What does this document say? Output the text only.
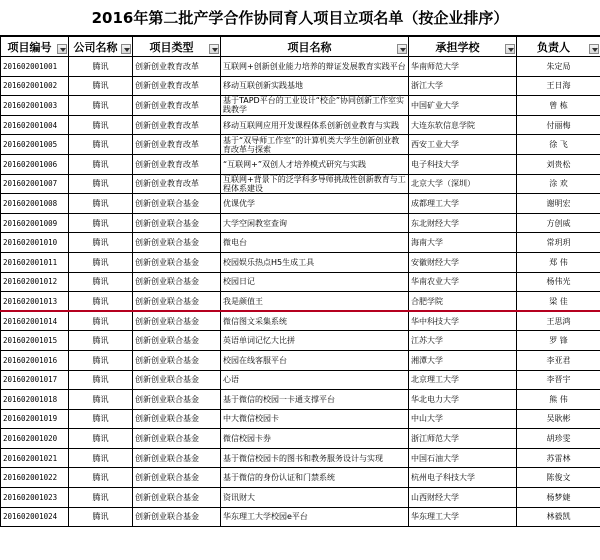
2016年第二批产学合作协同育人项目立项名单（按企业排序）
项目编号	公司名称	项目类型	项目名称	承担学校	负责人

201602001001	腾讯	创新创业教育改革	互联网+创新创业能力培养的辩证发展教育实践平台	华南师范大学	朱定局
201602001002	腾讯	创新创业教育改革	移动互联创新实践基地	浙江大学	王日海
201602001003	腾讯	创新创业教育改革	基于TAPD平台的工业设计“校企”协同创新工作室实践教学	中国矿业大学	曾 栋
201602001004	腾讯	创新创业教育改革	移动互联网应用开发课程体系创新创业教育与实践	大连东软信息学院	付丽梅
201602001005	腾讯	创新创业教育改革	基于“双导师工作室”的计算机类大学生创新创业教育改革与探索	西安工业大学	徐 飞
201602001006	腾讯	创新创业教育改革	“互联网+”双创人才培养模式研究与实践	电子科技大学	刘贵松
201602001007	腾讯	创新创业教育改革	互联网+背景下的泛学科多导师挑战性创新教育与工程体系建设	北京大学（深圳）	涂 欢
201602001008	腾讯	创新创业联合基金	优课优学	成都理工大学	谢明宏
201602001009	腾讯	创新创业联合基金	大学空闲教室查询	东北财经大学	方创威
201602001010	腾讯	创新创业联合基金	微电台	海南大学	常玥玥
201602001011	腾讯	创新创业联合基金	校园娱乐热点H5生成工具	安徽财经大学	郑 伟
201602001012	腾讯	创新创业联合基金	校园日记	华南农业大学	杨伟光
201602001013	腾讯	创新创业联合基金	我是颜值王	合肥学院	梁 佳
201602001014	腾讯	创新创业联合基金	微信图文采集系统	华中科技大学	王思鸿
201602001015	腾讯	创新创业联合基金	英语单词记忆大比拼	江苏大学	罗 锋
201602001016	腾讯	创新创业联合基金	校园在线客服平台	湘潭大学	李亚君
201602001017	腾讯	创新创业联合基金	心语	北京理工大学	李晋宇
201602001018	腾讯	创新创业联合基金	基于微信的校园一卡通支撑平台	华北电力大学	熊 伟
201602001019	腾讯	创新创业联合基金	中大微信校园卡	中山大学	吴耿彬
201602001020	腾讯	创新创业联合基金	微信校园卡券	浙江师范大学	胡珍雯
201602001021	腾讯	创新创业联合基金	基于微信校园卡的图书和教务服务设计与实现	中国石油大学	苏雷林
201602001022	腾讯	创新创业联合基金	基于微信的身份认证和门禁系统	杭州电子科技大学	陈俊文
201602001023	腾讯	创新创业联合基金	资讯财大	山西财经大学	杨梦婕
201602001024	腾讯	创新创业联合基金	华东理工大学校园e平台	华东理工大学	林毅凯
